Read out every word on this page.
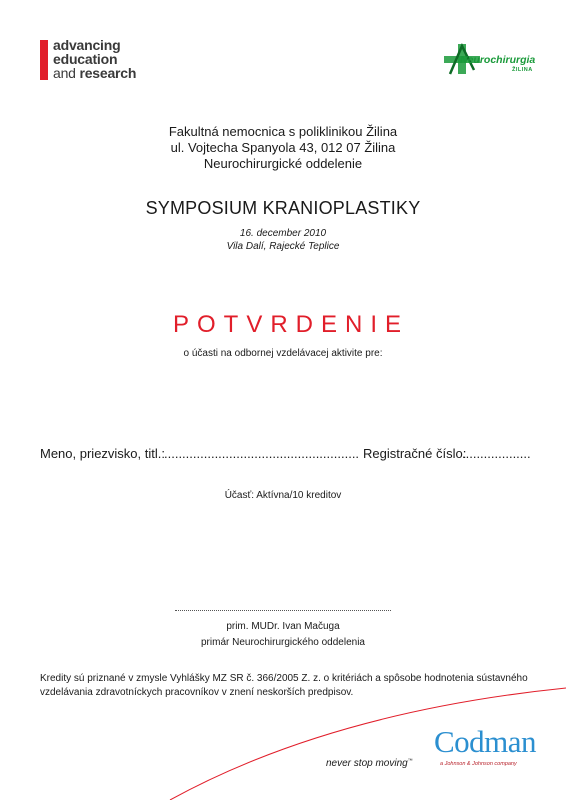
advancing
education
and research
Neurochirurgia
ŽILINA
Fakultná nemocnica s poliklinikou Žilina
ul. Vojtecha Spanyola 43, 012 07 Žilina
Neurochirurgické oddelenie
SYMPOSIUM KRANIOPLASTIKY
16. december 2010
Vila Dalí, Rajecké Teplice
POTVRDENIE
o účasti na odbornej vzdelávacej aktivite pre:
Meno, priezvisko, titl.: ...................................................... Registračné číslo:
...................
Účasť: Aktívna/10 kreditov
prim. MUDr. Ivan Mačuga
primár Neurochirurgického oddelenia
Kredity sú priznané v zmysle Vyhlášky MZ SR č. 366/2005 Z. z. o kritériách a spôsobe hodnotenia sústavného vzdelávania zdravotníckych pracovníkov v znení neskorších predpisov.
never stop moving™
Codman
a Johnson & Johnson company
